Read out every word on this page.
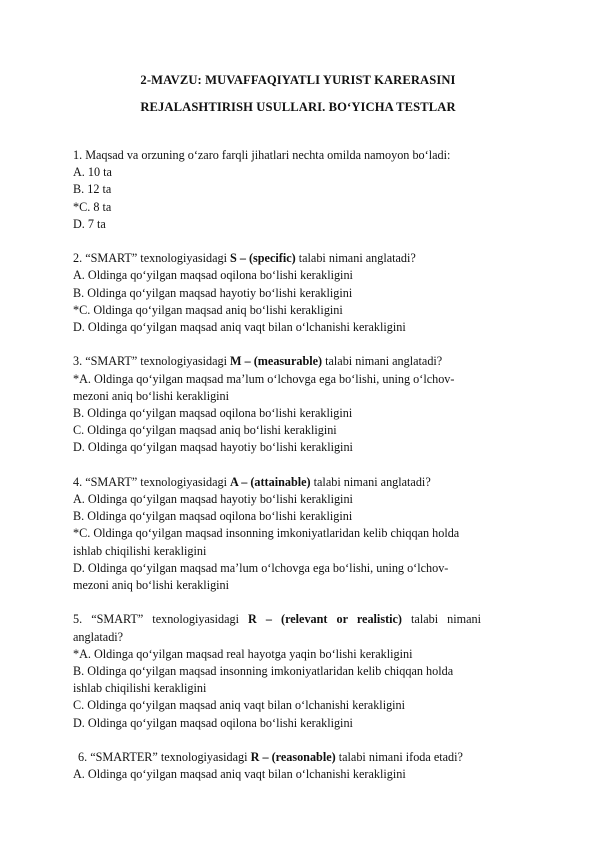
2-MAVZU: MUVAFFAQIYATLI YURIST KARERASINI
REJALASHTIRISH USULLARI. BO‘YICHA TESTLAR
1. Maqsad va orzuning o‘zaro farqli jihatlari nechta omilda namoyon bo‘ladi:
A. 10 ta
B. 12 ta
*C. 8 ta
D. 7 ta
2. “SMART” texnologiyasidagi S – (specific) talabi nimani anglatadi?
A. Oldinga qo‘yilgan maqsad oqilona bo‘lishi kerakligini
B. Oldinga qo‘yilgan maqsad hayotiy bo‘lishi kerakligini
*C. Oldinga qo‘yilgan maqsad aniq bo‘lishi kerakligini
D. Oldinga qo‘yilgan maqsad aniq vaqt bilan o‘lchanishi kerakligini
3. “SMART” texnologiyasidagi M – (measurable) talabi nimani anglatadi?
*A. Oldinga qo‘yilgan maqsad ma’lum o‘lchovga ega bo‘lishi, uning o‘lchov-
mezoni aniq bo‘lishi kerakligini
B. Oldinga qo‘yilgan maqsad oqilona bo‘lishi kerakligini
C. Oldinga qo‘yilgan maqsad aniq bo‘lishi kerakligini
D. Oldinga qo‘yilgan maqsad hayotiy bo‘lishi kerakligini
4. “SMART” texnologiyasidagi A – (attainable) talabi nimani anglatadi?
A. Oldinga qo‘yilgan maqsad hayotiy bo‘lishi kerakligini
B. Oldinga qo‘yilgan maqsad oqilona bo‘lishi kerakligini
*C. Oldinga qo‘yilgan maqsad insonning imkoniyatlaridan kelib chiqqan holda
ishlab chiqilishi kerakligini
D. Oldinga qo‘yilgan maqsad ma’lum o‘lchovga ega bo‘lishi, uning o‘lchov-
mezoni aniq bo‘lishi kerakligini
5. “SMART” texnologiyasidagi R – (relevant or realistic) talabi nimani
anglatadi?
*A. Oldinga qo‘yilgan maqsad real hayotga yaqin bo‘lishi kerakligini
B. Oldinga qo‘yilgan maqsad insonning imkoniyatlaridan kelib chiqqan holda
ishlab chiqilishi kerakligini
C. Oldinga qo‘yilgan maqsad aniq vaqt bilan o‘lchanishi kerakligini
D. Oldinga qo‘yilgan maqsad oqilona bo‘lishi kerakligini
6. “SMARTER” texnologiyasidagi R – (reasonable) talabi nimani ifoda etadi?
A. Oldinga qo‘yilgan maqsad aniq vaqt bilan o‘lchanishi kerakligini
